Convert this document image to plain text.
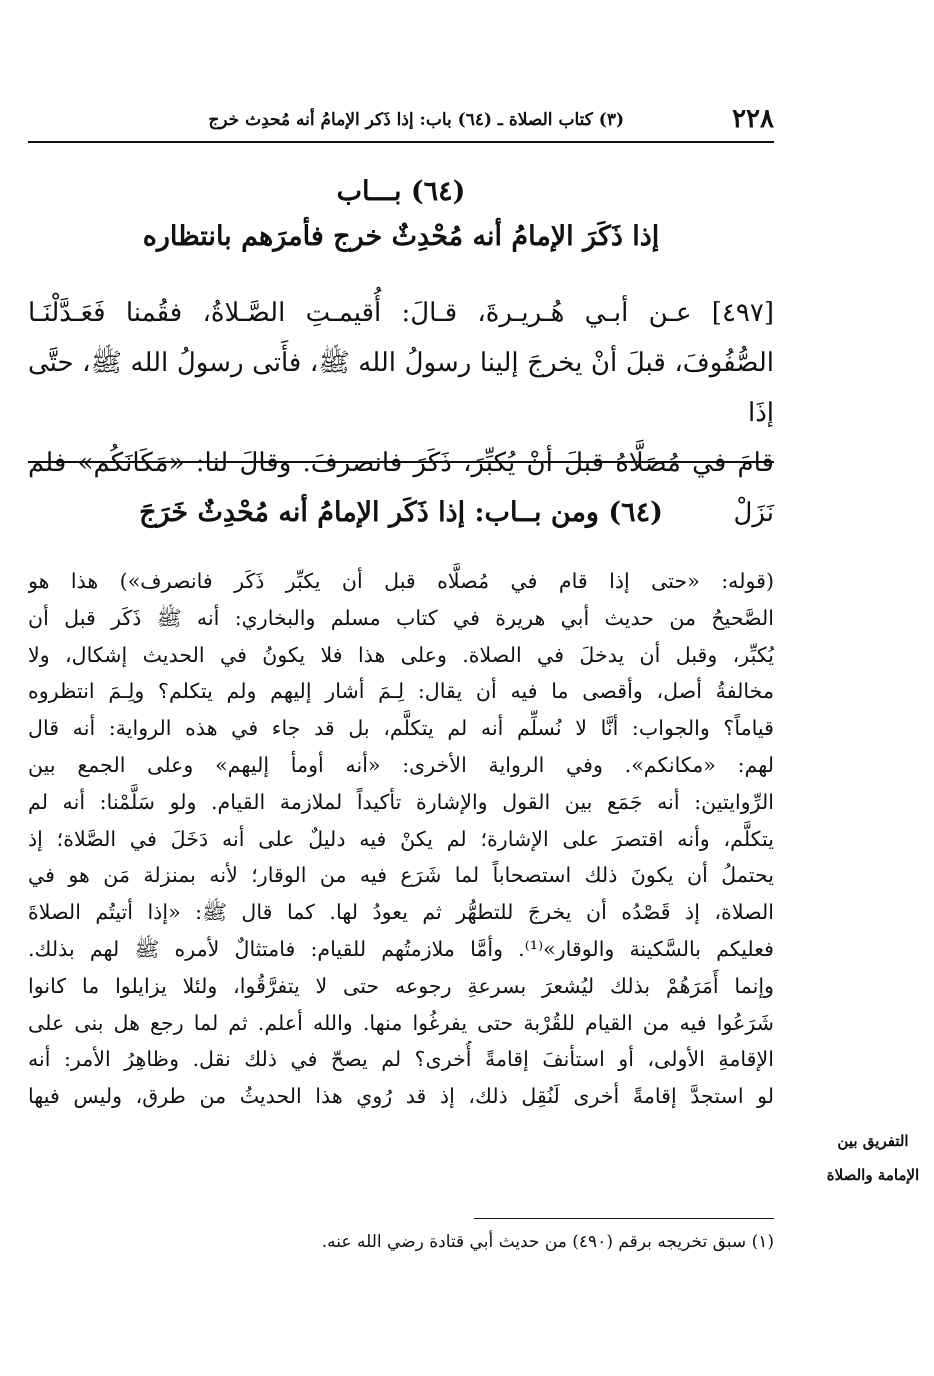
٢٢٨
(٣) كتاب الصلاة ـ (٦٤) باب: إذا ذَكر الإمامُ أنه مُحدِث خرج
(٦٤) بـــاب
إذا ذَكَرَ الإمامُ أنه مُحْدِثٌ خرج فأمرَهم بانتظاره

[٤٩٧] عـن أبـي هُـريـرةَ، قـالَ: أُقيمـتِ الصَّـلاةُ، فقُمنا فَعَـدَّلْنَـا

الصُّفُوفَ، قبلَ أنْ يخرجَ إلينا رسولُ الله ﷺ، فأَتى رسولُ الله ﷺ، حتَّى إذَا

قامَ في مُصَلَّاهُ قبلَ أنْ يُكبِّرَ، ذَكَرَ فانصرفَ. وقالَ لنا: «مَكَانَكُم» فلم نَزَلْ

(٦٤) ومن بــاب: إذا ذَكَر الإمامُ أنه مُحْدِثٌ خَرَجَ
(قوله: «حتى إذا قام في مُصلَّاه قبل أن يكبِّر ذَكَر فانصرف») هذا هو
الصَّحيحُ من حديث أبي هريرة في كتاب مسلم والبخاري: أنه ﷺ ذَكَر قبل أن
يُكبِّر، وقبل أن يدخلَ في الصلاة. وعلى هذا فلا يكونُ في الحديث إشكال، ولا
مخالفةُ أصل، وأقصى ما فيه أن يقال: لِـمَ أشار إليهم ولم يتكلم؟ ولِـمَ انتظروه
قياماً؟ والجواب: أنَّا لا نُسلِّم أنه لم يتكلَّم، بل قد جاء في هذه الرواية: أنه قال
لهم: «مكانكم». وفي الرواية الأخرى: «أنه أومأ إليهم» وعلى الجمع بين
الرِّوايتين: أنه جَمَع بين القول والإشارة تأكيداً لملازمة القيام. ولو سَلَّمْنا: أنه لم
يتكلَّم، وأنه اقتصرَ على الإشارة؛ لم يكنْ فيه دليلٌ على أنه دَخَلَ في الصَّلاة؛ إذ
يحتملُ أن يكونَ ذلك استصحاباً لما شَرَع فيه من الوقار؛ لأنه بمنزلة مَن هو في
الصلاة، إذ قَصْدُه أن يخرجَ للتطهُّر ثم يعودُ لها. كما قال ﷺ: «إذا أتيتُم الصلاةَ
فعليكم بالسَّكينة والوقار»⁽¹⁾. وأمَّا ملازمتُهم للقيام: فامتثالٌ لأمره ﷺ لهم بذلك.
وإنما أَمَرَهُمْ بذلك ليُشعرَ بسرعةِ رجوعه حتى لا يتفرَّقُوا، ولئلا يزايلوا ما كانوا
شَرَعُوا فيه من القيام للقُرْبة حتى يفرغُوا منها. والله أعلم. ثم لما رجع هل بنى على
الإقامةِ الأولى، أو استأنفَ إقامةً أُخرى؟ لم يصحّ في ذلك نقل. وظاهِرُ الأمر: أنه
لو استجدَّ إقامةً أخرى لَنُقِل ذلك، إذ قد رُوي هذا الحديثُ من طرق، وليس فيها
التفريق بين
الإمامة والصلاة
(١) سبق تخريجه برقم (٤٩٠) من حديث أبي قتادة رضي الله عنه.
